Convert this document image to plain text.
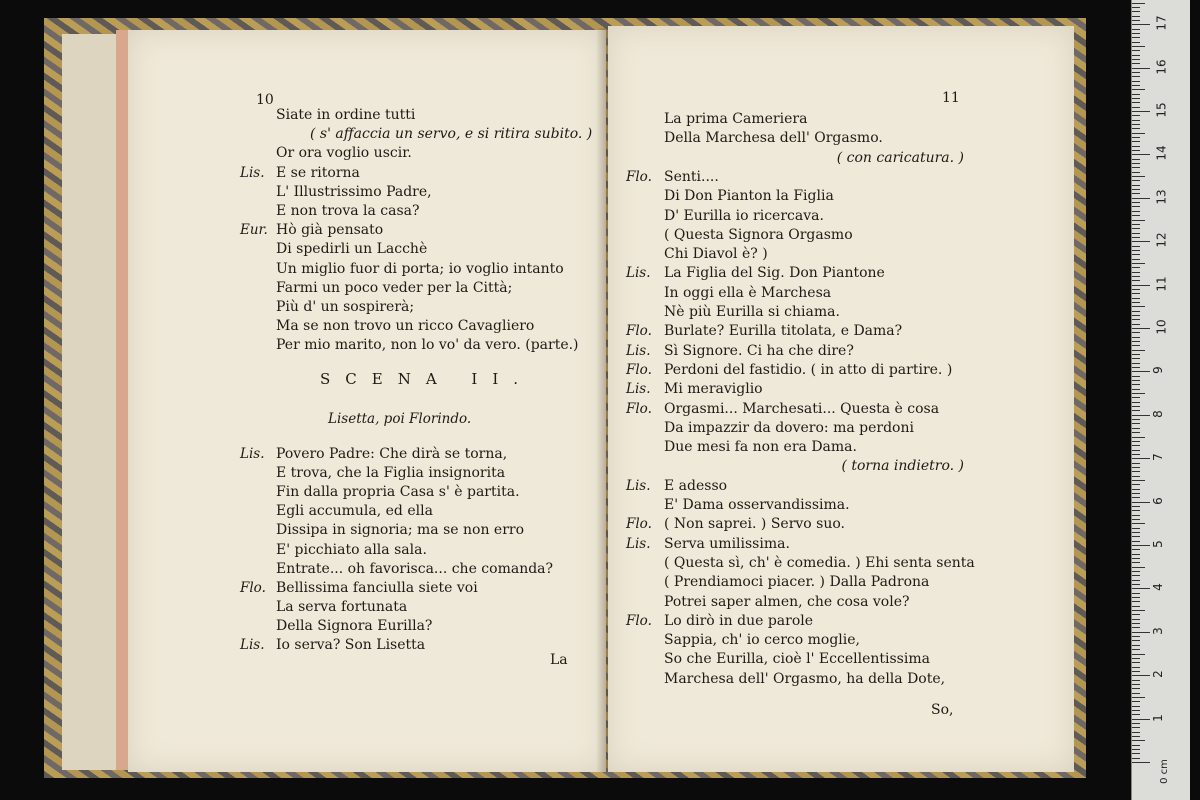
10
Siate in ordine tutti
( s' affaccia un servo, e si ritira subito. )
Or ora voglio uscir.
Lis. E se ritorna
L' Illustrissimo Padre,
E non trova la casa?
Eur. Hò già pensato
Di spedirli un Lacchè
Un miglio fuor di porta; io voglio intanto
Farmi un poco veder per la Città;
Più d' un sospirerà;
Ma se non trovo un ricco Cavagliero
Per mio marito, non lo vo' da vero. (parte.)
SCENA II.
Lisetta, poi Florindo.
Lis. Povero Padre: Che dirà se torna,
E trova, che la Figlia insignorita
Fin dalla propria Casa s' è partita.
Egli accumula, ed ella
Dissipa in signoria; ma se non erro
E' picchiato alla sala.
Entrate... oh favorisca... che comanda?
Flo. Bellissima fanciulla siete voi
La serva fortunata
Della Signora Eurilla?
Lis. Io serva? Son Lisetta
La
11
La prima Cameriera
Della Marchesa dell' Orgasmo.
( con caricatura. )
Flo. Senti....
Di Don Pianton la Figlia
D' Eurilla io ricercava.
( Questa Signora Orgasmo
Chi Diavol è? )
Lis. La Figlia del Sig. Don Piantone
In oggi ella è Marchesa
Nè più Eurilla si chiama.
Flo. Burlate? Eurilla titolata, e Dama?
Lis. Sì Signore. Ci ha che dire?
Flo. Perdoni del fastidio. ( in atto di partire. )
Lis. Mi meraviglio
Flo. Orgasmi... Marchesati... Questa è cosa
Da impazzir da dovero: ma perdoni
Due mesi fa non era Dama.
( torna indietro. )
Lis. E adesso
E' Dama osservandissima.
Flo. ( Non saprei. ) Servo suo.
Lis. Serva umilissima.
( Questa sì, ch' è comedia. ) Ehi senta senta
( Prendiamoci piacer. ) Dalla Padrona
Potrei saper almen, che cosa vole?
Flo. Lo dirò in due parole
Sappia, ch' io cerco moglie,
So che Eurilla, cioè l' Eccellentissima
Marchesa dell' Orgasmo, ha della Dote,
So,	1
2
3
4
5
6
7
8
9
10
11
12
13
14
15
16
17
0 cm
